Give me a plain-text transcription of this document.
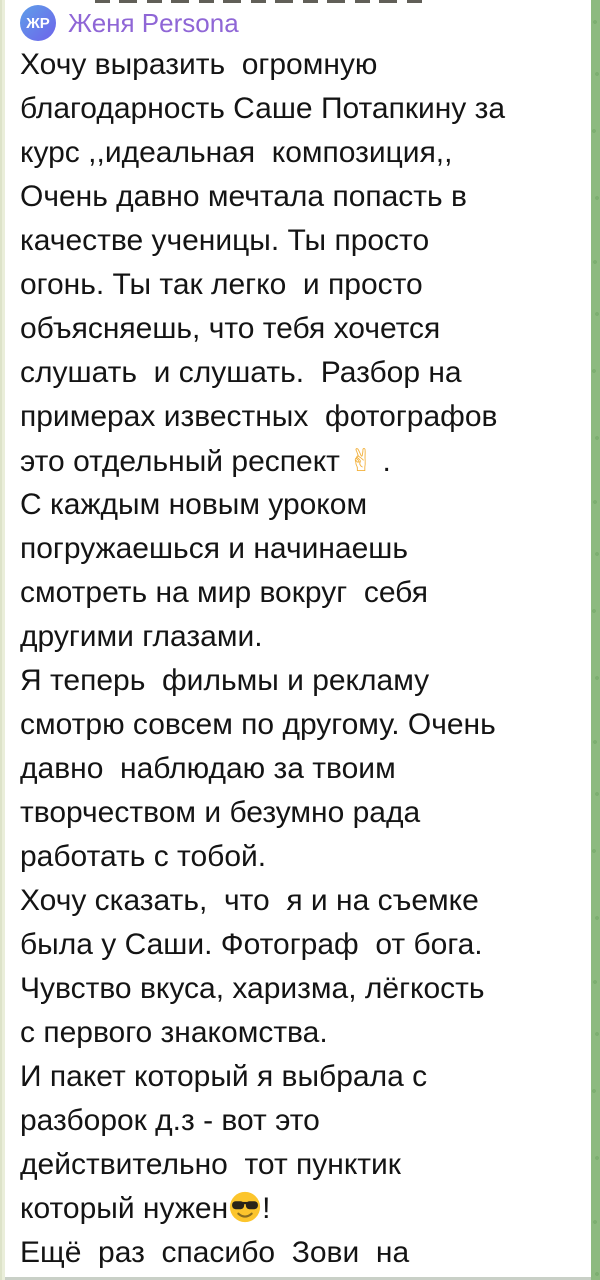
ЖР Женя Persona
Хочу выразить  огромную
благодарность Саше Потапкину за
курс ,,идеальная  композиция,,
Очень давно мечтала попасть в
качестве ученицы. Ты просто
огонь. Ты так легко  и просто
объясняешь, что тебя хочется
слушать  и слушать.  Разбор на
примерах известных  фотографов
это отдельный респект ✌ .
С каждым новым уроком
погружаешься и начинаешь
смотреть на мир вокруг  себя
другими глазами.
Я теперь  фильмы и рекламу
смотрю совсем по другому. Очень
давно  наблюдаю за твоим
творчеством и безумно рада
работать с тобой.
Хочу сказать,  что  я и на съемке
была у Саши. Фотограф  от бога.
Чувство вкуса, харизма, лёгкость
с первого знакомства.
И пакет который я выбрала с
разборок д.з - вот это
действительно  тот пунктик
который нужен !
Ещё  раз  спасибо  Зови  на
